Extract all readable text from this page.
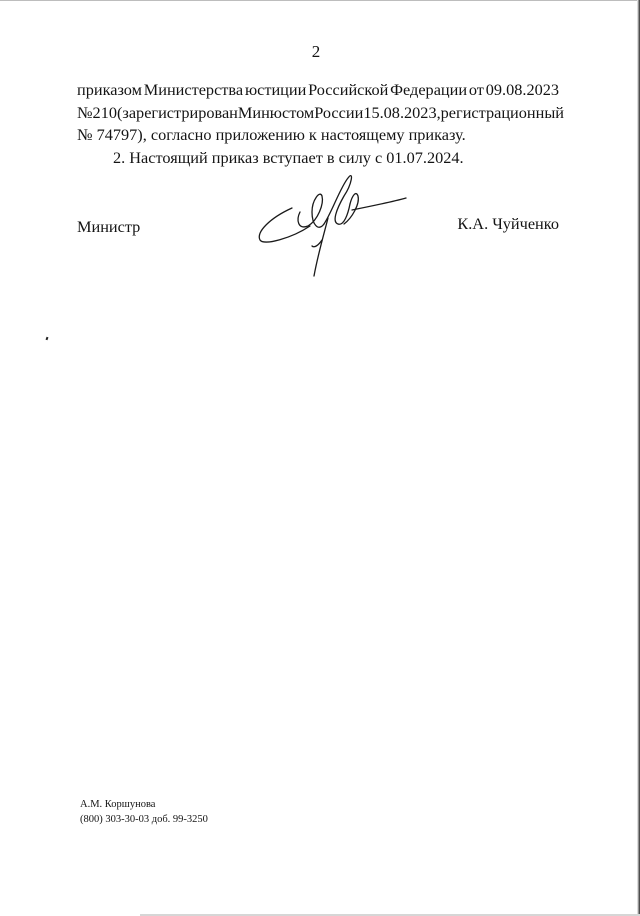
2

приказом Министерства юстиции Российской Федерации от 09.08.2023
№ 210 (зарегистрирован Минюстом России 15.08.2023, регистрационный
№ 74797), согласно приложению к настоящему приказу.

2. Настоящий приказ вступает в силу с 01.07.2024.

Министр	К.А. Чуйченко
А.М. Коршунова
(800) 303-30-03 доб. 99-3250
